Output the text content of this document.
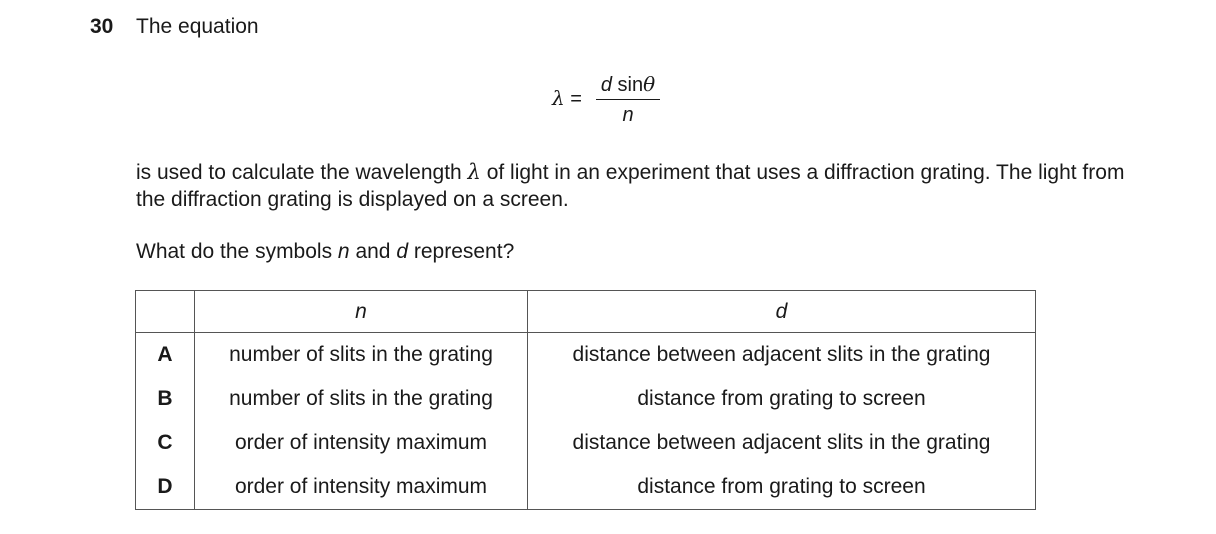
30 The equation
$\lambda = \frac{\text{d sinθ}}{n}$
is used to calculate the wavelength λ of light in an experiment that uses a diffraction grating. The light from the diffraction grating is displayed on a screen.
What do the symbols n and d represent?
	n	d
A	number of slits in the grating	distance between adjacent slits in the grating
B	number of slits in the grating	distance from grating to screen
C	order of intensity maximum	distance between adjacent slits in the grating
D	order of intensity maximum	distance from grating to screen
